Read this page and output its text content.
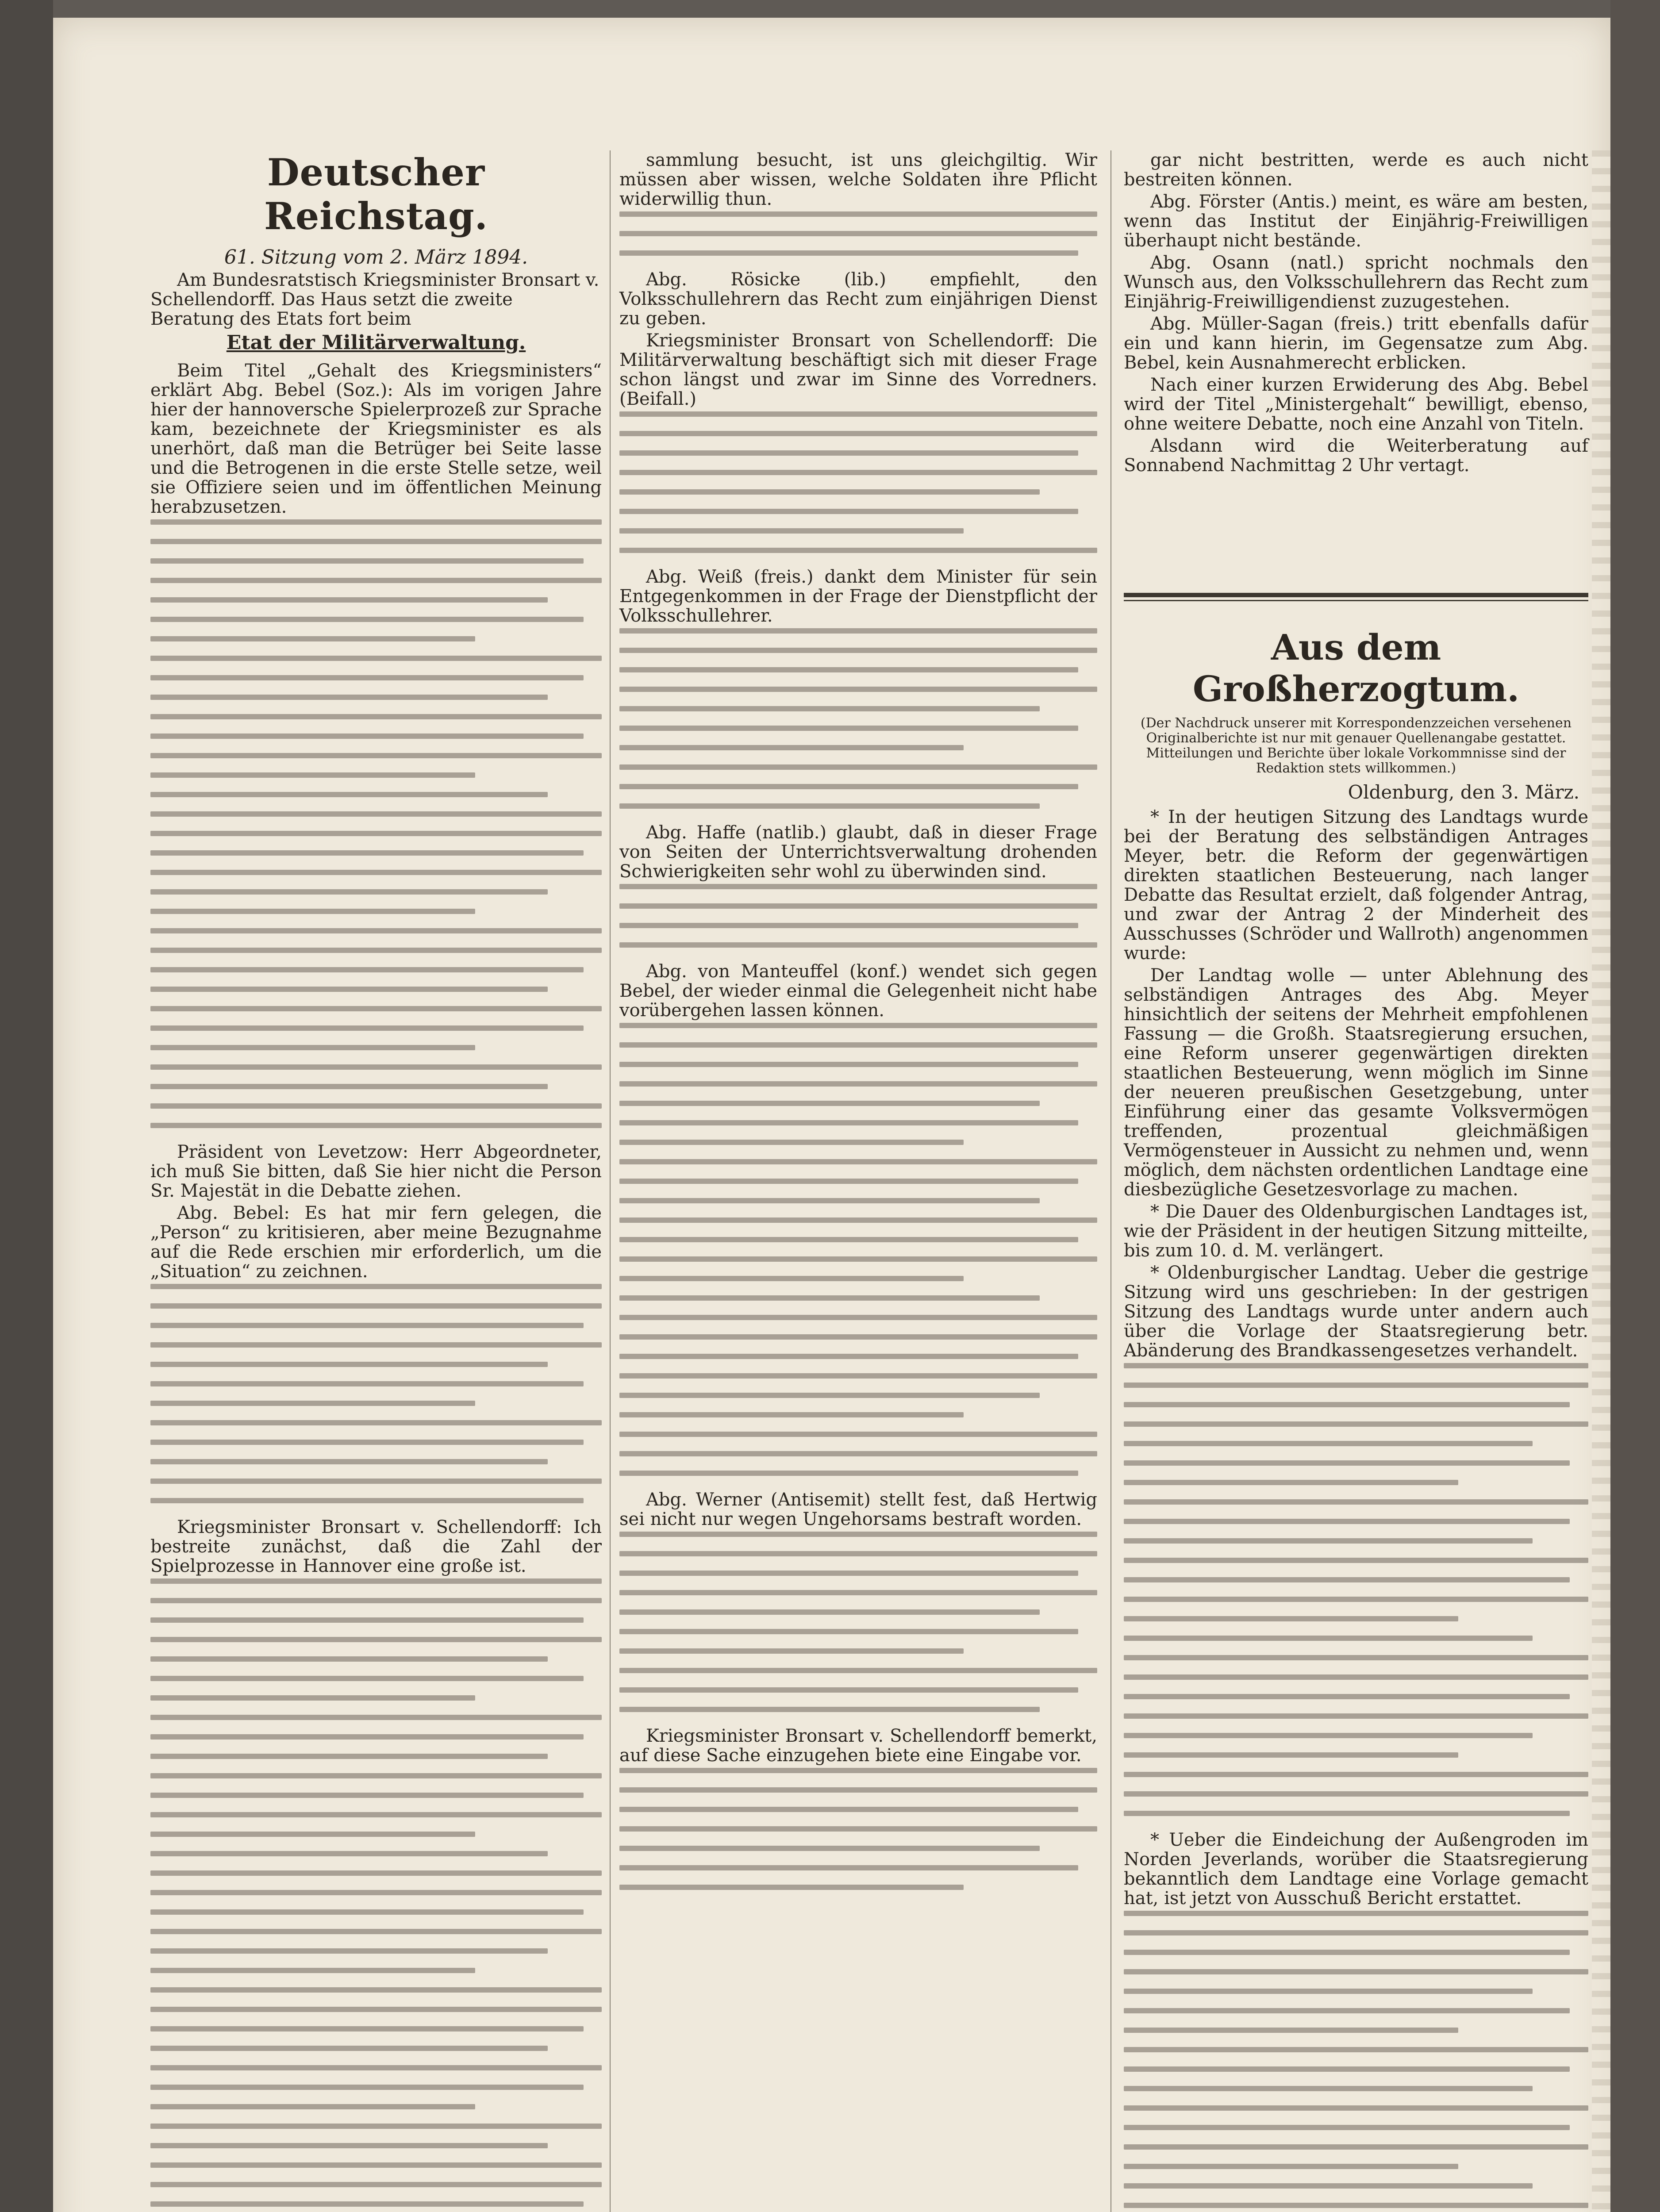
Deutscher Reichstag.
61. Sitzung vom 2. März 1894.

Am Bundesratstisch Kriegsminister Bronsart v. Schellendorff. Das Haus setzt die zweite Beratung des Etats fort beim

Etat der Militärverwaltung.

Beim Titel „Gehalt des Kriegsministers“ erklärt Abg. Bebel (Soz.): Als im vorigen Jahre hier der hannoversche Spielerprozeß zur Sprache kam, bezeichnete der Kriegsminister es als unerhört, daß man die Betrüger bei Seite lasse und die Betrogenen in die erste Stelle setze, weil sie Offiziere seien und im öffentlichen Meinung herabzusetzen.

Präsident von Levetzow: Herr Abgeordneter, ich muß Sie bitten, daß Sie hier nicht die Person Sr. Majestät in die Debatte ziehen.

Abg. Bebel: Es hat mir fern gelegen, die „Person“ zu kritisieren, aber meine Bezugnahme auf die Rede erschien mir erforderlich, um die „Situation“ zu zeichnen.

Kriegsminister Bronsart v. Schellendorff: Ich bestreite zunächst, daß die Zahl der Spielprozesse in Hannover eine große ist.

sammlung besucht, ist uns gleichgiltig. Wir müssen aber wissen, welche Soldaten ihre Pflicht widerwillig thun.

Abg. Rösicke (lib.) empfiehlt, den Volksschullehrern das Recht zum einjährigen Dienst zu geben.

Kriegsminister Bronsart von Schellendorff: Die Militärverwaltung beschäftigt sich mit dieser Frage schon längst und zwar im Sinne des Vorredners. (Beifall.)

Abg. Weiß (freis.) dankt dem Minister für sein Entgegenkommen in der Frage der Dienstpflicht der Volksschullehrer.

Abg. Haffe (natlib.) glaubt, daß in dieser Frage von Seiten der Unterrichtsverwaltung drohenden Schwierigkeiten sehr wohl zu überwinden sind.

Abg. von Manteuffel (konf.) wendet sich gegen Bebel, der wieder einmal die Gelegenheit nicht habe vorübergehen lassen können.

Abg. Werner (Antisemit) stellt fest, daß Hertwig sei nicht nur wegen Ungehorsams bestraft worden.

Kriegsminister Bronsart v. Schellendorff bemerkt, auf diese Sache einzugehen biete eine Eingabe vor.

gar nicht bestritten, werde es auch nicht bestreiten können.

Abg. Förster (Antis.) meint, es wäre am besten, wenn das Institut der Einjährig-Freiwilligen überhaupt nicht bestände.

Abg. Osann (natl.) spricht nochmals den Wunsch aus, den Volksschullehrern das Recht zum Einjährig-Freiwilligendienst zuzugestehen.

Abg. Müller-Sagan (freis.) tritt ebenfalls dafür ein und kann hierin, im Gegensatze zum Abg. Bebel, kein Ausnahmerecht erblicken.

Nach einer kurzen Erwiderung des Abg. Bebel wird der Titel „Ministergehalt“ bewilligt, ebenso, ohne weitere Debatte, noch eine Anzahl von Titeln.

Alsdann wird die Weiterberatung auf Sonnabend Nachmittag 2 Uhr vertagt.

Aus dem Großherzogtum.

(Der Nachdruck unserer mit Korrespondenzzeichen versehenen Originalberichte ist nur mit genauer Quellenangabe gestattet. Mitteilungen und Berichte über lokale Vorkommnisse sind der Redaktion stets willkommen.)

Oldenburg, den 3. März.

* In der heutigen Sitzung des Landtags wurde bei der Beratung des selbständigen Antrages Meyer, betr. die Reform der gegenwärtigen direkten staatlichen Besteuerung, nach langer Debatte das Resultat erzielt, daß folgender Antrag, und zwar der Antrag 2 der Minderheit des Ausschusses (Schröder und Wallroth) angenommen wurde:

Der Landtag wolle — unter Ablehnung des selbständigen Antrages des Abg. Meyer hinsichtlich der seitens der Mehrheit empfohlenen Fassung — die Großh. Staatsregierung ersuchen, eine Reform unserer gegenwärtigen direkten staatlichen Besteuerung, wenn möglich im Sinne der neueren preußischen Gesetzgebung, unter Einführung einer das gesamte Volksvermögen treffenden, prozentual gleichmäßigen Vermögensteuer in Aussicht zu nehmen und, wenn möglich, dem nächsten ordentlichen Landtage eine diesbezügliche Gesetzesvorlage zu machen.

* Die Dauer des Oldenburgischen Landtages ist, wie der Präsident in der heutigen Sitzung mitteilte, bis zum 10. d. M. verlängert.

* Oldenburgischer Landtag. Ueber die gestrige Sitzung wird uns geschrieben: In der gestrigen Sitzung des Landtags wurde unter andern auch über die Vorlage der Staatsregierung betr. Abänderung des Brandkassengesetzes verhandelt.

* Ueber die Eindeichung der Außengroden im Norden Jeverlands, worüber die Staatsregierung bekanntlich dem Landtage eine Vorlage gemacht hat, ist jetzt von Ausschuß Bericht erstattet.
